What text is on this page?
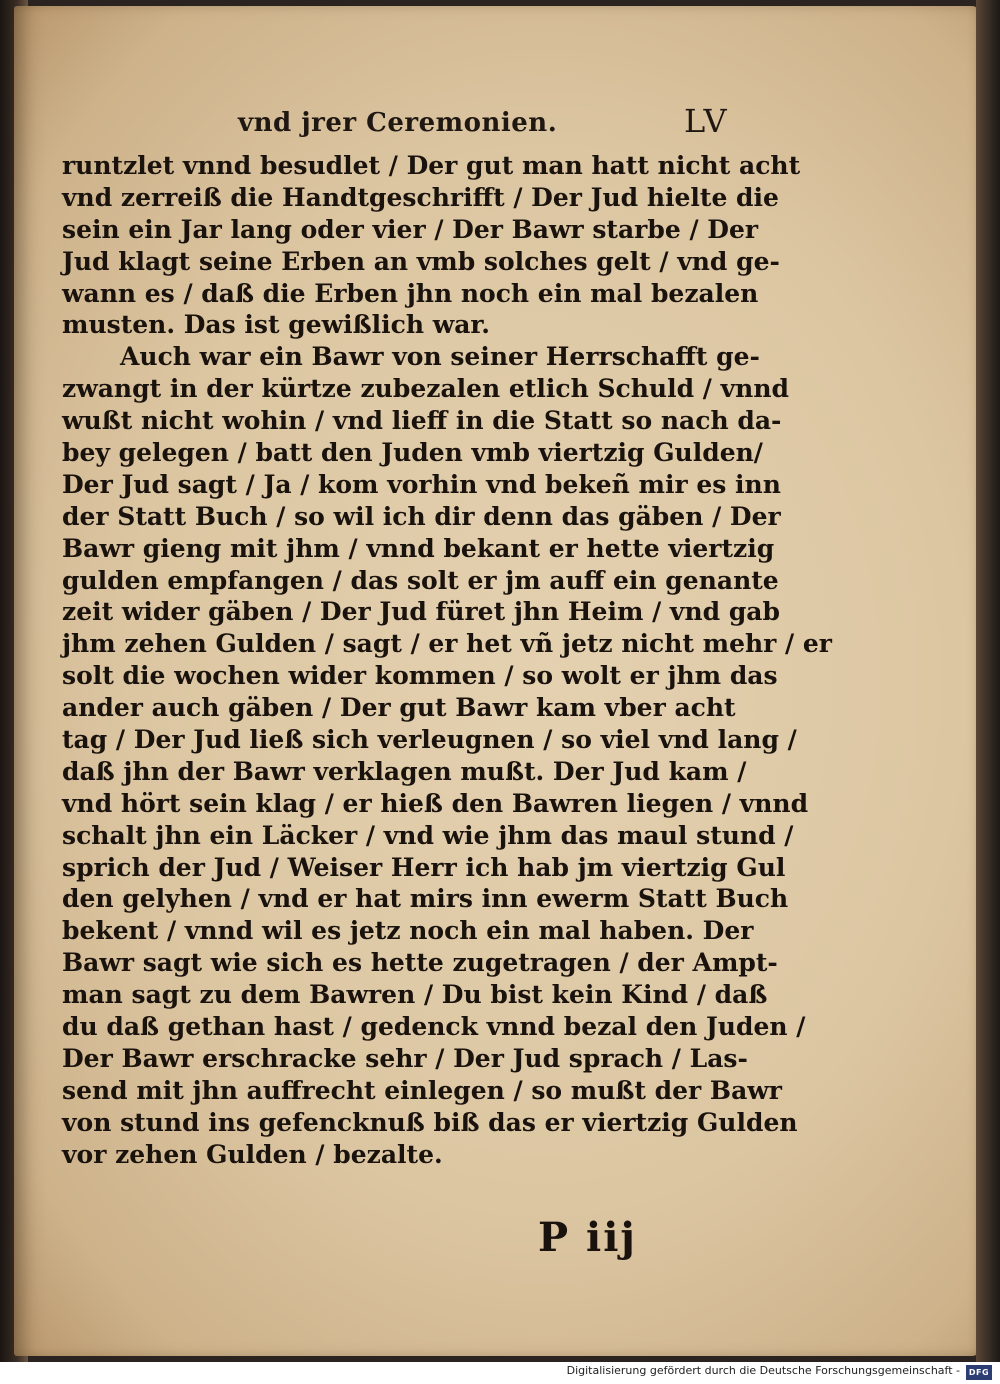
vnd jrer Ceremonien.	LV
runtzlet vnnd besudlet / Der gut man hatt nicht acht
vnd zerreiß die Handtgeschrifft / Der Jud hielte die
sein ein Jar lang oder vier / Der Bawr starbe / Der
Jud klagt seine Erben an vmb solches gelt / vnd ge-
wann es / daß die Erben jhn noch ein mal bezalen
musten. Das ist gewißlich war.
Auch war ein Bawr von seiner Herrschafft ge-
zwangt in der kürtze zubezalen etlich Schuld / vnnd
wußt nicht wohin / vnd lieff in die Statt so nach da-
bey gelegen / batt den Juden vmb viertzig Gulden/
Der Jud sagt / Ja / kom vorhin vnd bekeñ mir es inn
der Statt Buch / so wil ich dir denn das gäben / Der
Bawr gieng mit jhm / vnnd bekant er hette viertzig
gulden empfangen / das solt er jm auff ein genante
zeit wider gäben / Der Jud füret jhn Heim / vnd gab
jhm zehen Gulden / sagt / er het vñ jetz nicht mehr / er
solt die wochen wider kommen / so wolt er jhm das
ander auch gäben / Der gut Bawr kam vber acht
tag / Der Jud ließ sich verleugnen / so viel vnd lang /
daß jhn der Bawr verklagen mußt. Der Jud kam /
vnd hört sein klag / er hieß den Bawren liegen / vnnd
schalt jhn ein Läcker / vnd wie jhm das maul stund /
sprich der Jud / Weiser Herr ich hab jm viertzig Gul
den gelyhen / vnd er hat mirs inn ewerm Statt Buch
bekent / vnnd wil es jetz noch ein mal haben. Der
Bawr sagt wie sich es hette zugetragen / der Ampt-
man sagt zu dem Bawren / Du bist kein Kind / daß
du daß gethan hast / gedenck vnnd bezal den Juden /
Der Bawr erschracke sehr / Der Jud sprach / Las-
send mit jhn auffrecht einlegen / so mußt der Bawr
von stund ins gefencknuß biß das er viertzig Gulden
vor zehen Gulden / bezalte.
P iij
Digitalisierung gefördert durch die Deutsche Forschungsgemeinschaft -	DFG
